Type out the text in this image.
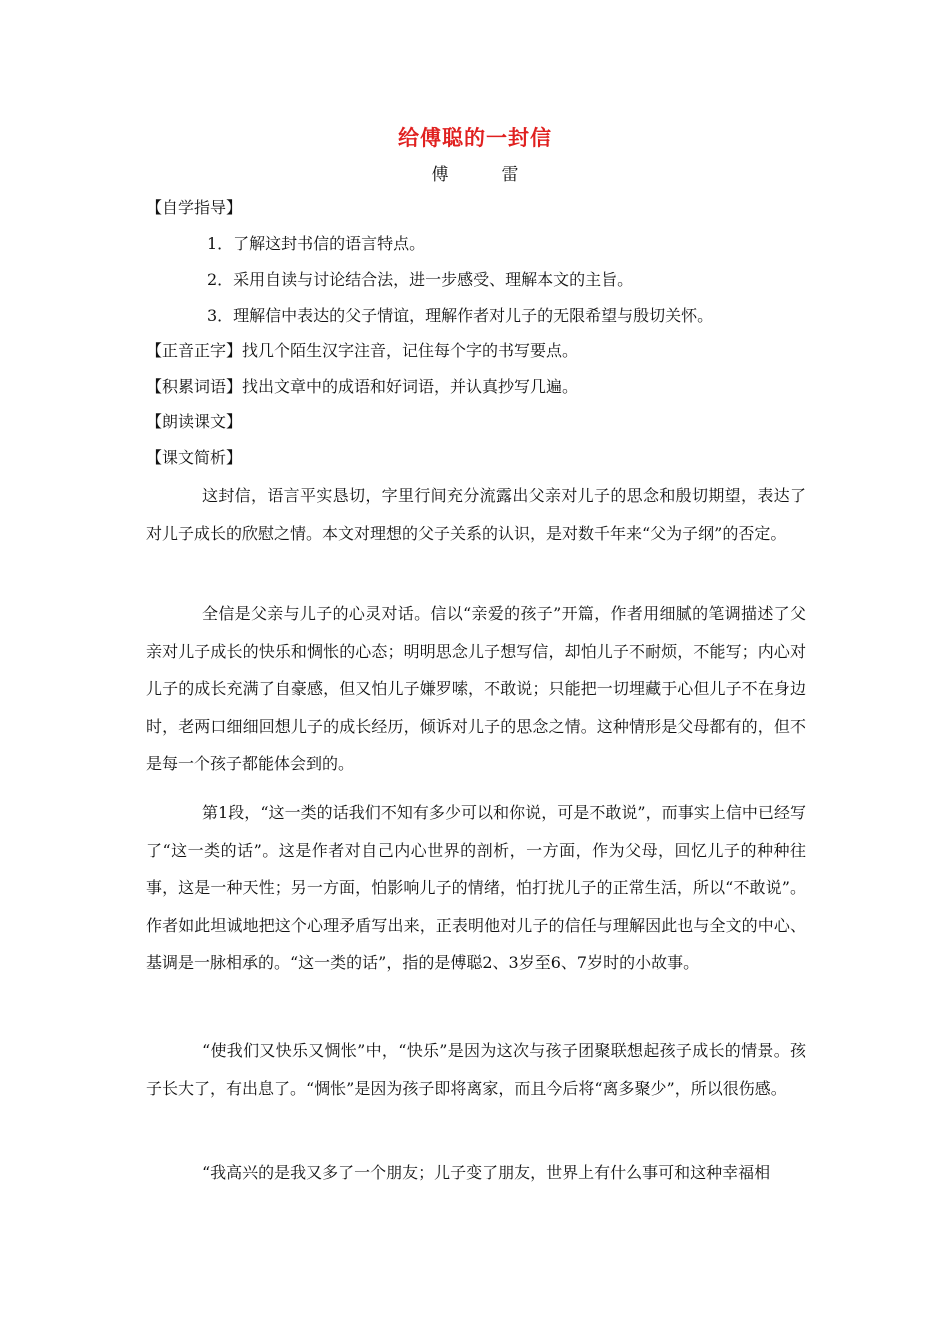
给傅聪的一封信
傅　雷
【自学指导】
1．了解这封书信的语言特点。
2．采用自读与讨论结合法，进一步感受、理解本文的主旨。
3．理解信中表达的父子情谊，理解作者对儿子的无限希望与殷切关怀。
【正音正字】找几个陌生汉字注音，记住每个字的书写要点。
【积累词语】找出文章中的成语和好词语，并认真抄写几遍。
【朗读课文】
【课文简析】

这封信，语言平实恳切，字里行间充分流露出父亲对儿子的思念和殷切期望，表达了对儿子成长的欣慰之情。本文对理想的父子关系的认识，是对数千年来“父为子纲”的否定。

全信是父亲与儿子的心灵对话。信以“亲爱的孩子”开篇，作者用细腻的笔调描述了父亲对儿子成长的快乐和惆怅的心态；明明思念儿子想写信，却怕儿子不耐烦，不能写；内心对儿子的成长充满了自豪感，但又怕儿子嫌罗嗦，不敢说；只能把一切埋藏于心但儿子不在身边时，老两口细细回想儿子的成长经历，倾诉对儿子的思念之情。这种情形是父母都有的，但不是每一个孩子都能体会到的。

第1段，“这一类的话我们不知有多少可以和你说，可是不敢说”，而事实上信中已经写了“这一类的话”。这是作者对自己内心世界的剖析，一方面，作为父母，回忆儿子的种种往事，这是一种天性；另一方面，怕影响儿子的情绪，怕打扰儿子的正常生活，所以“不敢说”。作者如此坦诚地把这个心理矛盾写出来，正表明他对儿子的信任与理解因此也与全文的中心、基调是一脉相承的。“这一类的话”，指的是傅聪2、3岁至6、7岁时的小故事。

“使我们又快乐又惆怅”中，“快乐”是因为这次与孩子团聚联想起孩子成长的情景。孩子长大了，有出息了。“惆怅”是因为孩子即将离家，而且今后将“离多聚少”，所以很伤感。

“我高兴的是我又多了一个朋友；儿子变了朋友，世界上有什么事可和这种幸福相
